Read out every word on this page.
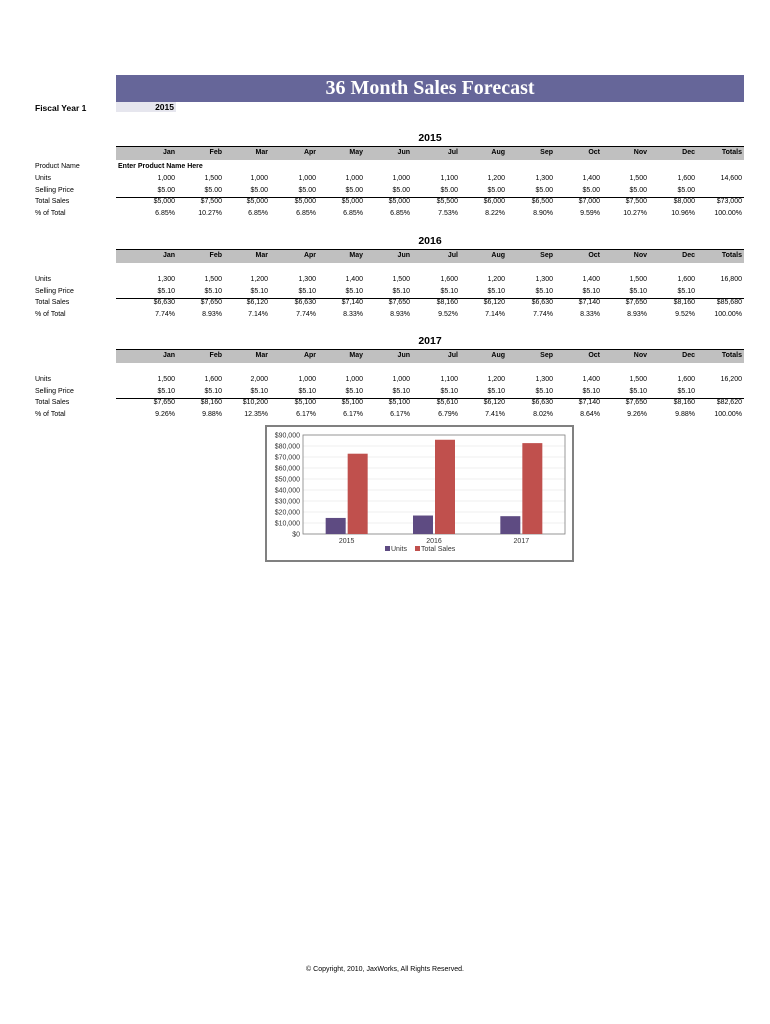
36 Month Sales Forecast
Fiscal Year 1	2015
2015
Jan	Feb	Mar	Apr	May	Jun	Jul	Aug	Sep	Oct	Nov	Dec	Totals
Product Name	Enter Product Name Here
Units	1,000	1,500	1,000	1,000	1,000	1,000	1,100	1,200	1,300	1,400	1,500	1,600	14,600
Selling Price	$5.00	$5.00	$5.00	$5.00	$5.00	$5.00	$5.00	$5.00	$5.00	$5.00	$5.00	$5.00
Total Sales	$5,000	$7,500	$5,000	$5,000	$5,000	$5,000	$5,500	$6,000	$6,500	$7,000	$7,500	$8,000	$73,000
% of Total	6.85%	10.27%	6.85%	6.85%	6.85%	6.85%	7.53%	8.22%	8.90%	9.59%	10.27%	10.96%	100.00%
2016
Jan	Feb	Mar	Apr	May	Jun	Jul	Aug	Sep	Oct	Nov	Dec	Totals
Units	1,300	1,500	1,200	1,300	1,400	1,500	1,600	1,200	1,300	1,400	1,500	1,600	16,800
Selling Price	$5.10	$5.10	$5.10	$5.10	$5.10	$5.10	$5.10	$5.10	$5.10	$5.10	$5.10	$5.10
Total Sales	$6,630	$7,650	$6,120	$6,630	$7,140	$7,650	$8,160	$6,120	$6,630	$7,140	$7,650	$8,160	$85,680
% of Total	7.74%	8.93%	7.14%	7.74%	8.33%	8.93%	9.52%	7.14%	7.74%	8.33%	8.93%	9.52%	100.00%
2017
Jan	Feb	Mar	Apr	May	Jun	Jul	Aug	Sep	Oct	Nov	Dec	Totals
Units	1,500	1,600	2,000	1,000	1,000	1,000	1,100	1,200	1,300	1,400	1,500	1,600	16,200
Selling Price	$5.10	$5.10	$5.10	$5.10	$5.10	$5.10	$5.10	$5.10	$5.10	$5.10	$5.10	$5.10
Total Sales	$7,650	$8,160	$10,200	$5,100	$5,100	$5,100	$5,610	$6,120	$6,630	$7,140	$7,650	$8,160	$82,620
% of Total	9.26%	9.88%	12.35%	6.17%	6.17%	6.17%	6.79%	7.41%	8.02%	8.64%	9.26%	9.88%	100.00%
$0
$10,000
$20,000
$30,000
$40,000
$50,000
$60,000
$70,000
$80,000
$90,000
2015	2016	2017
Units Total Sales
© Copyright, 2010, JaxWorks, All Rights Reserved.
